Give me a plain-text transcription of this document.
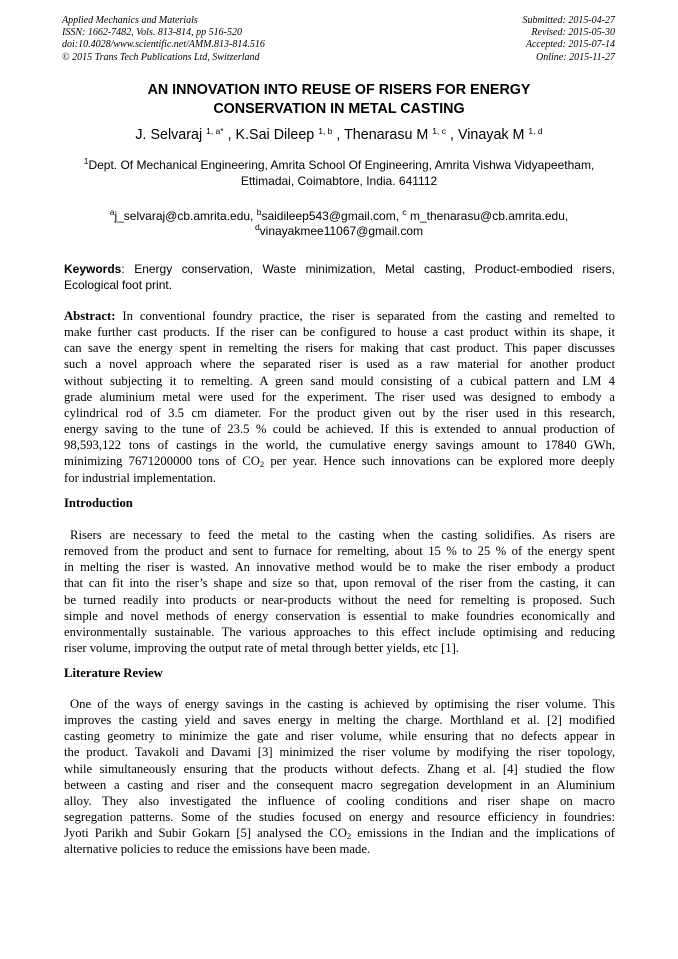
Applied Mechanics and Materials
ISSN: 1662-7482, Vols. 813-814, pp 516-520
doi:10.4028/www.scientific.net/AMM.813-814.516
© 2015 Trans Tech Publications Ltd, Switzerland
Submitted: 2015-04-27
Revised: 2015-05-30
Accepted: 2015-07-14
Online: 2015-11-27
AN INNOVATION INTO REUSE OF RISERS FOR ENERGY
CONSERVATION IN METAL CASTING
J. Selvaraj $^{1, a*}$ , K.Sai Dileep $^{1, b}$ , Thenarasu M $^{1, c}$ , Vinayak M $^{1, d}$
$^1$Dept. Of Mechanical Engineering, Amrita School Of Engineering, Amrita Vishwa Vidyapeetham,
Ettimadai, Coimabtore, India. 641112
$^a$j_selvaraj@cb.amrita.edu, $^b$saidileep543@gmail.com, $^c$ m_thenarasu@cb.amrita.edu,
$^d$vinayakmee11067@gmail.com
Keywords: Energy conservation, Waste minimization, Metal casting, Product-embodied risers,
Ecological foot print.
Abstract: In conventional foundry practice, the riser is separated from the casting and remelted to
make further cast products. If the riser can be configured to house a cast product within its shape, it
can save the energy spent in remelting the risers for making that cast product. This paper discusses
such a novel approach where the separated riser is used as a raw material for another product
without subjecting it to remelting. A green sand mould consisting of a cubical pattern and LM 4
grade aluminium metal were used for the experiment. The riser used was designed to embody a
cylindrical rod of 3.5 cm diameter. For the product given out by the riser used in this research,
energy saving to the tune of 23.5 % could be achieved. If this is extended to annual production of
98,593,122 tons of castings in the world, the cumulative energy savings amount to 17840 GWh,
minimizing 7671200000 tons of $CO_2$ per year. Hence such innovations can be explored more deeply
for industrial implementation.
Introduction
Risers are necessary to feed the metal to the casting when the casting solidifies. As risers are
removed from the product and sent to furnace for remelting, about 15 % to 25 % of the energy spent
in melting the riser is wasted. An innovative method would be to make the riser embody a product
that can fit into the riser’s shape and size so that, upon removal of the riser from the casting, it can
be turned readily into products or near-products without the need for remelting is proposed. Such
simple and novel methods of energy conservation is essential to make foundries economically and
environmentally sustainable. The various approaches to this effect include optimising and reducing
riser volume, improving the output rate of metal through better yields, etc [1].
Literature Review
One of the ways of energy savings in the casting is achieved by optimising the riser volume. This
improves the casting yield and saves energy in melting the charge. Morthland et al. [2] modified
casting geometry to minimize the gate and riser volume, while ensuring that no defects appear in
the product. Tavakoli and Davami [3] minimized the riser volume by modifying the riser topology,
while simultaneously ensuring that the products without defects. Zhang et al. [4] studied the flow
between a casting and riser and the consequent macro segregation development in an Aluminium
alloy. They also investigated the influence of cooling conditions and riser shape on macro
segregation patterns. Some of the studies focused on energy and resource efficiency in foundries:
Jyoti Parikh and Subir Gokarn [5] analysed the $CO_2$ emissions in the Indian and the implications of
alternative policies to reduce the emissions have been made.
